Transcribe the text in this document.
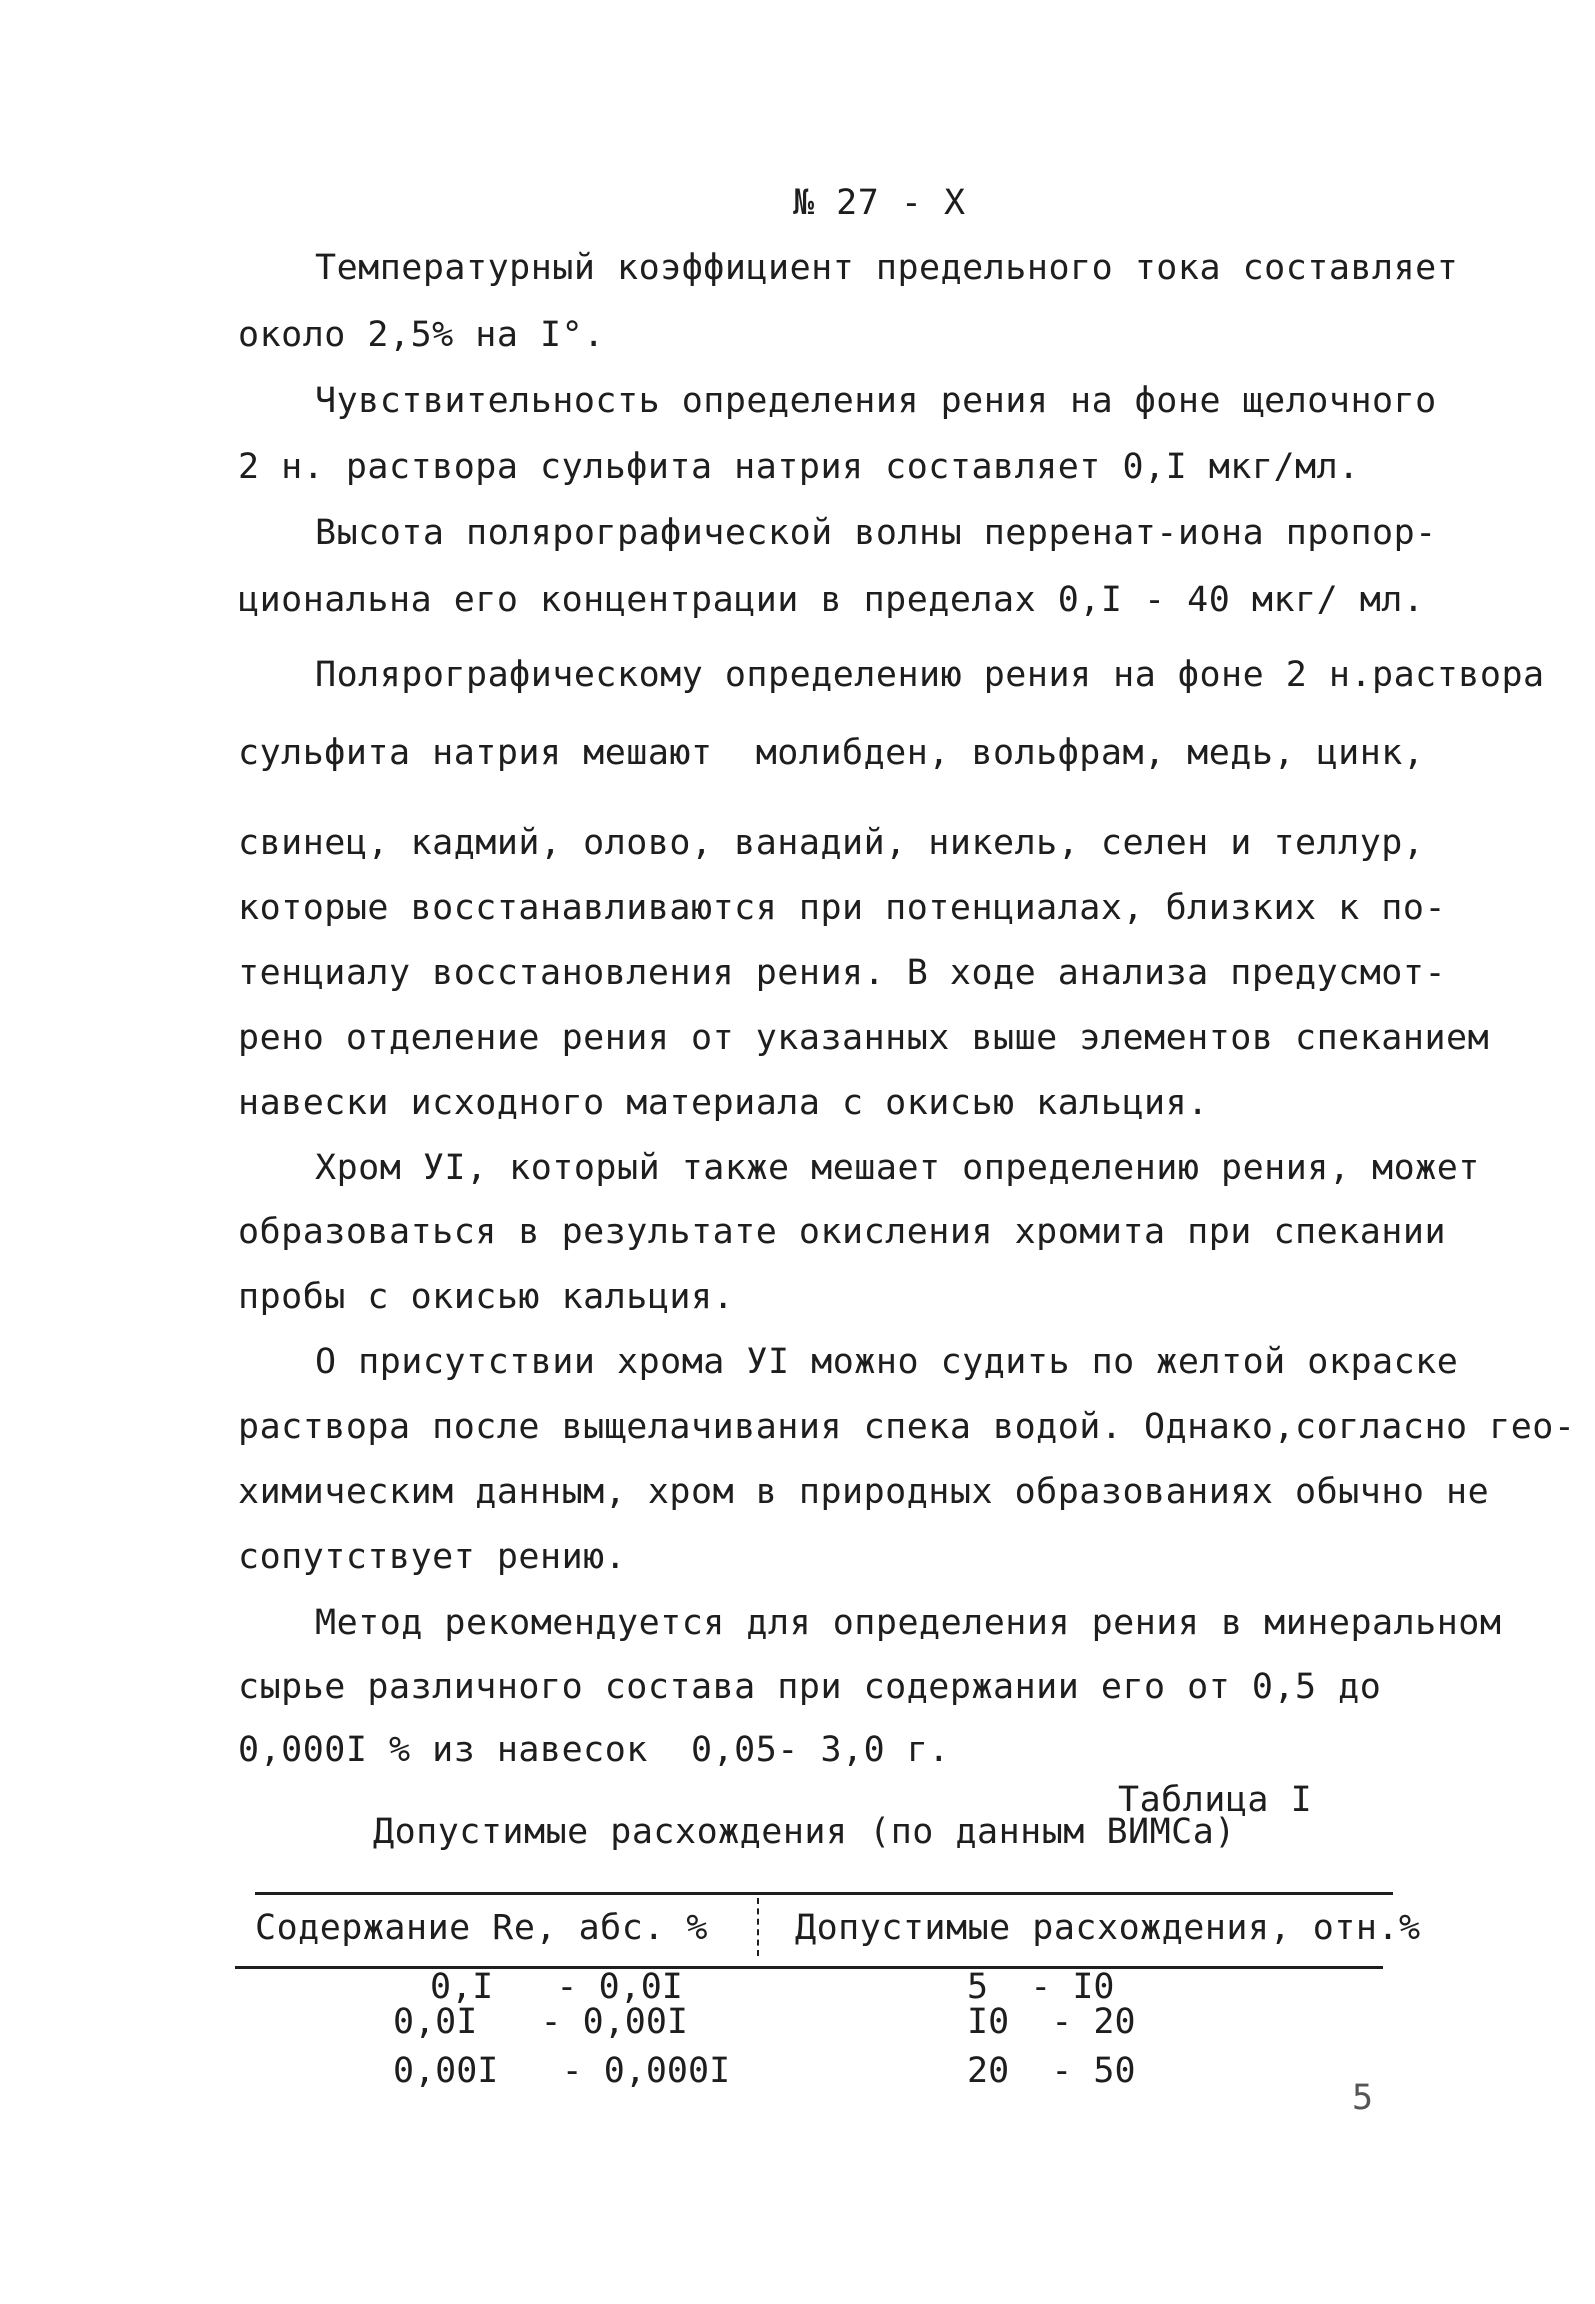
№ 27 - X
Температурный коэффициент предельного тока составляет
около 2,5% на I°.
Чувствительность определения рения на фоне щелочного
2 н. раствора сульфита натрия составляет 0,I мкг/мл.
Высота полярографической волны перренат-иона пропор-
циональна его концентрации в пределах 0,I - 40 мкг/ мл.
Полярографическому определению рения на фоне 2 н.раствора
сульфита натрия мешают  молибден, вольфрам, медь, цинк,
свинец, кадмий, олово, ванадий, никель, селен и теллур,
которые восстанавливаются при потенциалах, близких к по-
тенциалу восстановления рения. В ходе анализа предусмот-
рено отделение рения от указанных выше элементов спеканием
навески исходного материала с окисью кальция.
Хром УI, который также мешает определению рения, может
образоваться в результате окисления хромита при спекании
пробы с окисью кальция.
О присутствии хрома УI можно судить по желтой окраске
раствора после выщелачивания спека водой. Однако,согласно гео-
химическим данным, хром в природных образованиях обычно не
сопутствует рению.
Метод рекомендуется для определения рения в минеральном
сырье различного состава при содержании его от 0,5 до
0,000I % из навесок  0,05- 3,0 г.
Таблица I
Допустимые расхождения (по данным ВИМСа)
Содержание Re, абс. % Допустимые расхождения, отн.%
0,I   - 0,0I	5  - I0
0,0I   - 0,00I	I0  - 20
0,00I   - 0,000I	20  - 50
5
